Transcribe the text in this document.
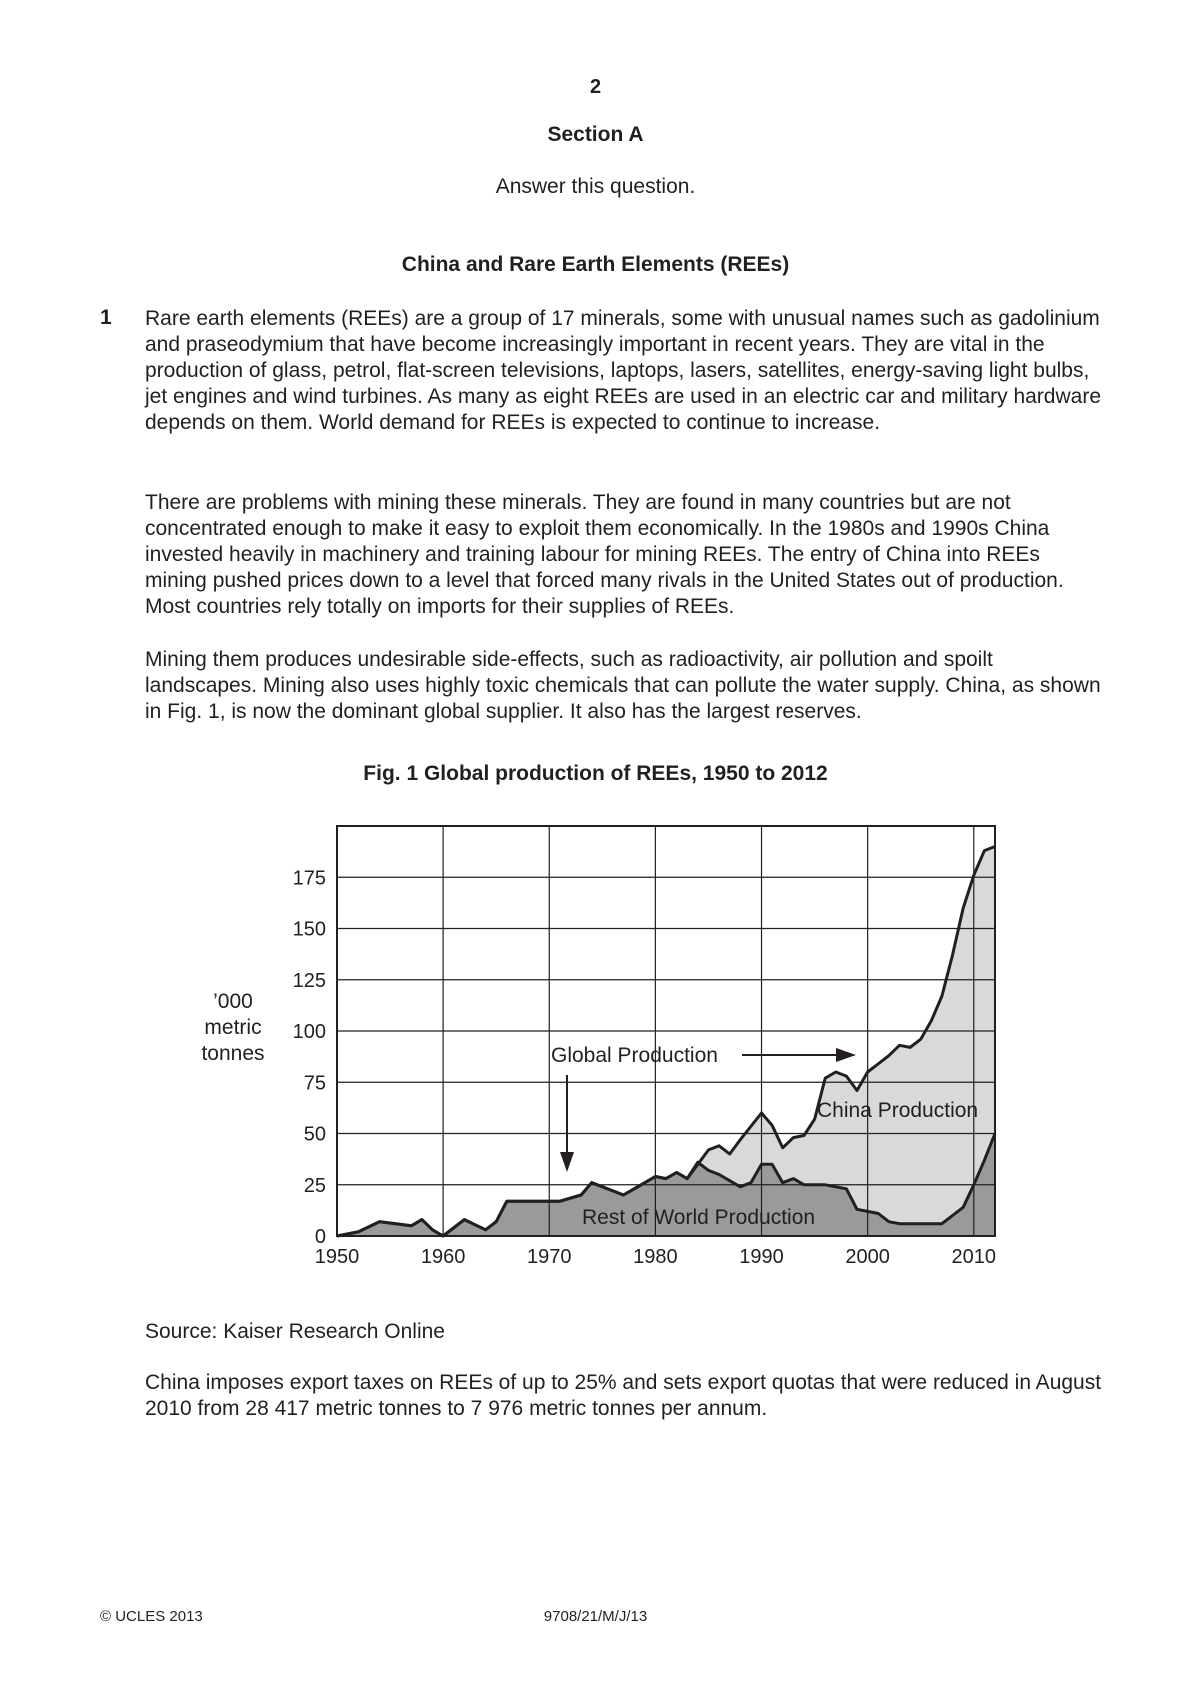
2
Section A
Answer this question.
China and Rare Earth Elements (REEs)
1 Rare earth elements (REEs) are a group of 17 minerals, some with unusual names such as gadolinium and praseodymium that have become increasingly important in recent years. They are vital in the production of glass, petrol, flat-screen televisions, laptops, lasers, satellites, energy-saving light bulbs, jet engines and wind turbines. As many as eight REEs are used in an electric car and military hardware depends on them. World demand for REEs is expected to continue to increase.

There are problems with mining these minerals. They are found in many countries but are not concentrated enough to make it easy to exploit them economically. In the 1980s and 1990s China invested heavily in machinery and training labour for mining REEs. The entry of China into REEs mining pushed prices down to a level that forced many rivals in the United States out of production. Most countries rely totally on imports for their supplies of REEs.

Mining them produces undesirable side-effects, such as radioactivity, air pollution and spoilt landscapes. Mining also uses highly toxic chemicals that can pollute the water supply. China, as shown in Fig. 1, is now the dominant global supplier. It also has the largest reserves.

Fig. 1 Global production of REEs, 1950 to 2012
’000
metric
tonnes
0
25
50
75
100
125
150
175
1950	1960	1970	1980	1990	2000	2010
Global Production
China Production
Rest of World Production
Source: Kaiser Research Online

China imposes export taxes on REEs of up to 25% and sets export quotas that were reduced in August 2010 from 28 417 metric tonnes to 7 976 metric tonnes per annum.

© UCLES 2013	9708/21/M/J/13
